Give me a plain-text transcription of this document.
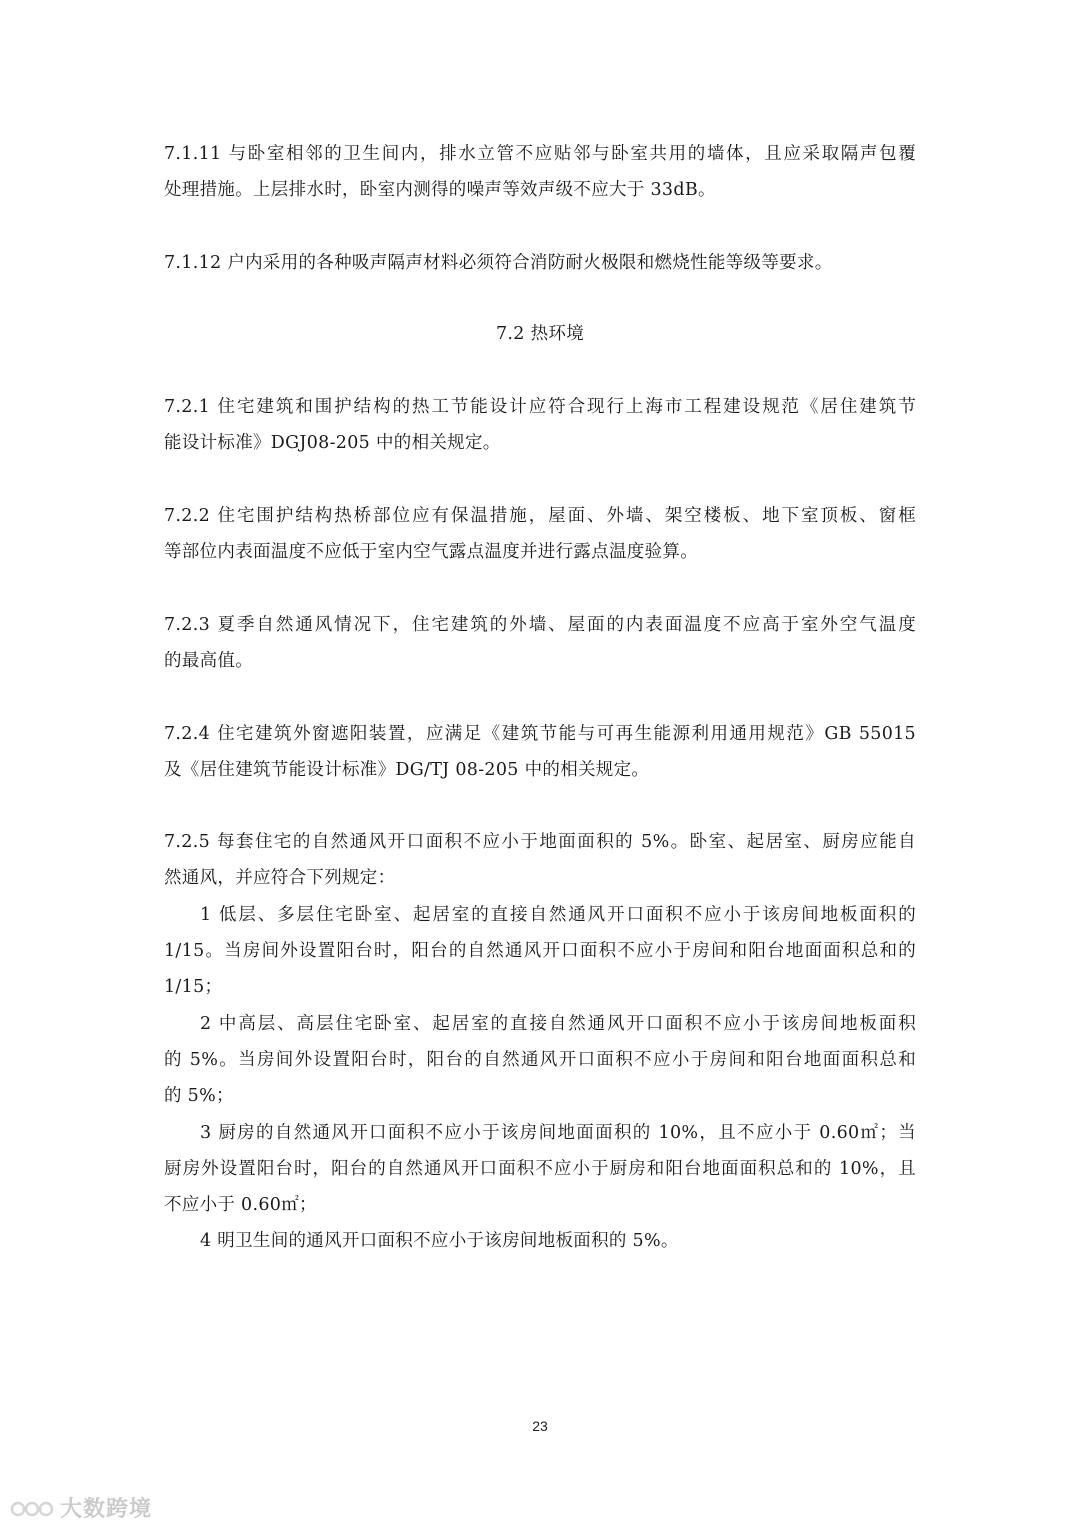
7.1.11 与卧室相邻的卫生间内，排水立管不应贴邻与卧室共用的墙体，且应采取隔声包覆
处理措施。上层排水时，卧室内测得的噪声等效声级不应大于 33dB。
7.1.12 户内采用的各种吸声隔声材料必须符合消防耐火极限和燃烧性能等级等要求。
7.2 热环境
7.2.1 住宅建筑和围护结构的热工节能设计应符合现行上海市工程建设规范《居住建筑节
能设计标准》DGJ08-205 中的相关规定。
7.2.2 住宅围护结构热桥部位应有保温措施，屋面、外墙、架空楼板、地下室顶板、窗框
等部位内表面温度不应低于室内空气露点温度并进行露点温度验算。
7.2.3 夏季自然通风情况下，住宅建筑的外墙、屋面的内表面温度不应高于室外空气温度
的最高值。
7.2.4 住宅建筑外窗遮阳装置，应满足《建筑节能与可再生能源利用通用规范》GB 55015
及《居住建筑节能设计标准》DG/TJ 08-205 中的相关规定。
7.2.5 每套住宅的自然通风开口面积不应小于地面面积的 5%。卧室、起居室、厨房应能自
然通风，并应符合下列规定：
1 低层、多层住宅卧室、起居室的直接自然通风开口面积不应小于该房间地板面积的
1/15。当房间外设置阳台时，阳台的自然通风开口面积不应小于房间和阳台地面面积总和的
1/15；
2 中高层、高层住宅卧室、起居室的直接自然通风开口面积不应小于该房间地板面积
的 5%。当房间外设置阳台时，阳台的自然通风开口面积不应小于房间和阳台地面面积总和
的 5%；
3 厨房的自然通风开口面积不应小于该房间地面面积的 10%，且不应小于 0.60㎡；当
厨房外设置阳台时，阳台的自然通风开口面积不应小于厨房和阳台地面面积总和的 10%，且
不应小于 0.60㎡；
4 明卫生间的通风开口面积不应小于该房间地板面积的 5%。
23
大数跨境
